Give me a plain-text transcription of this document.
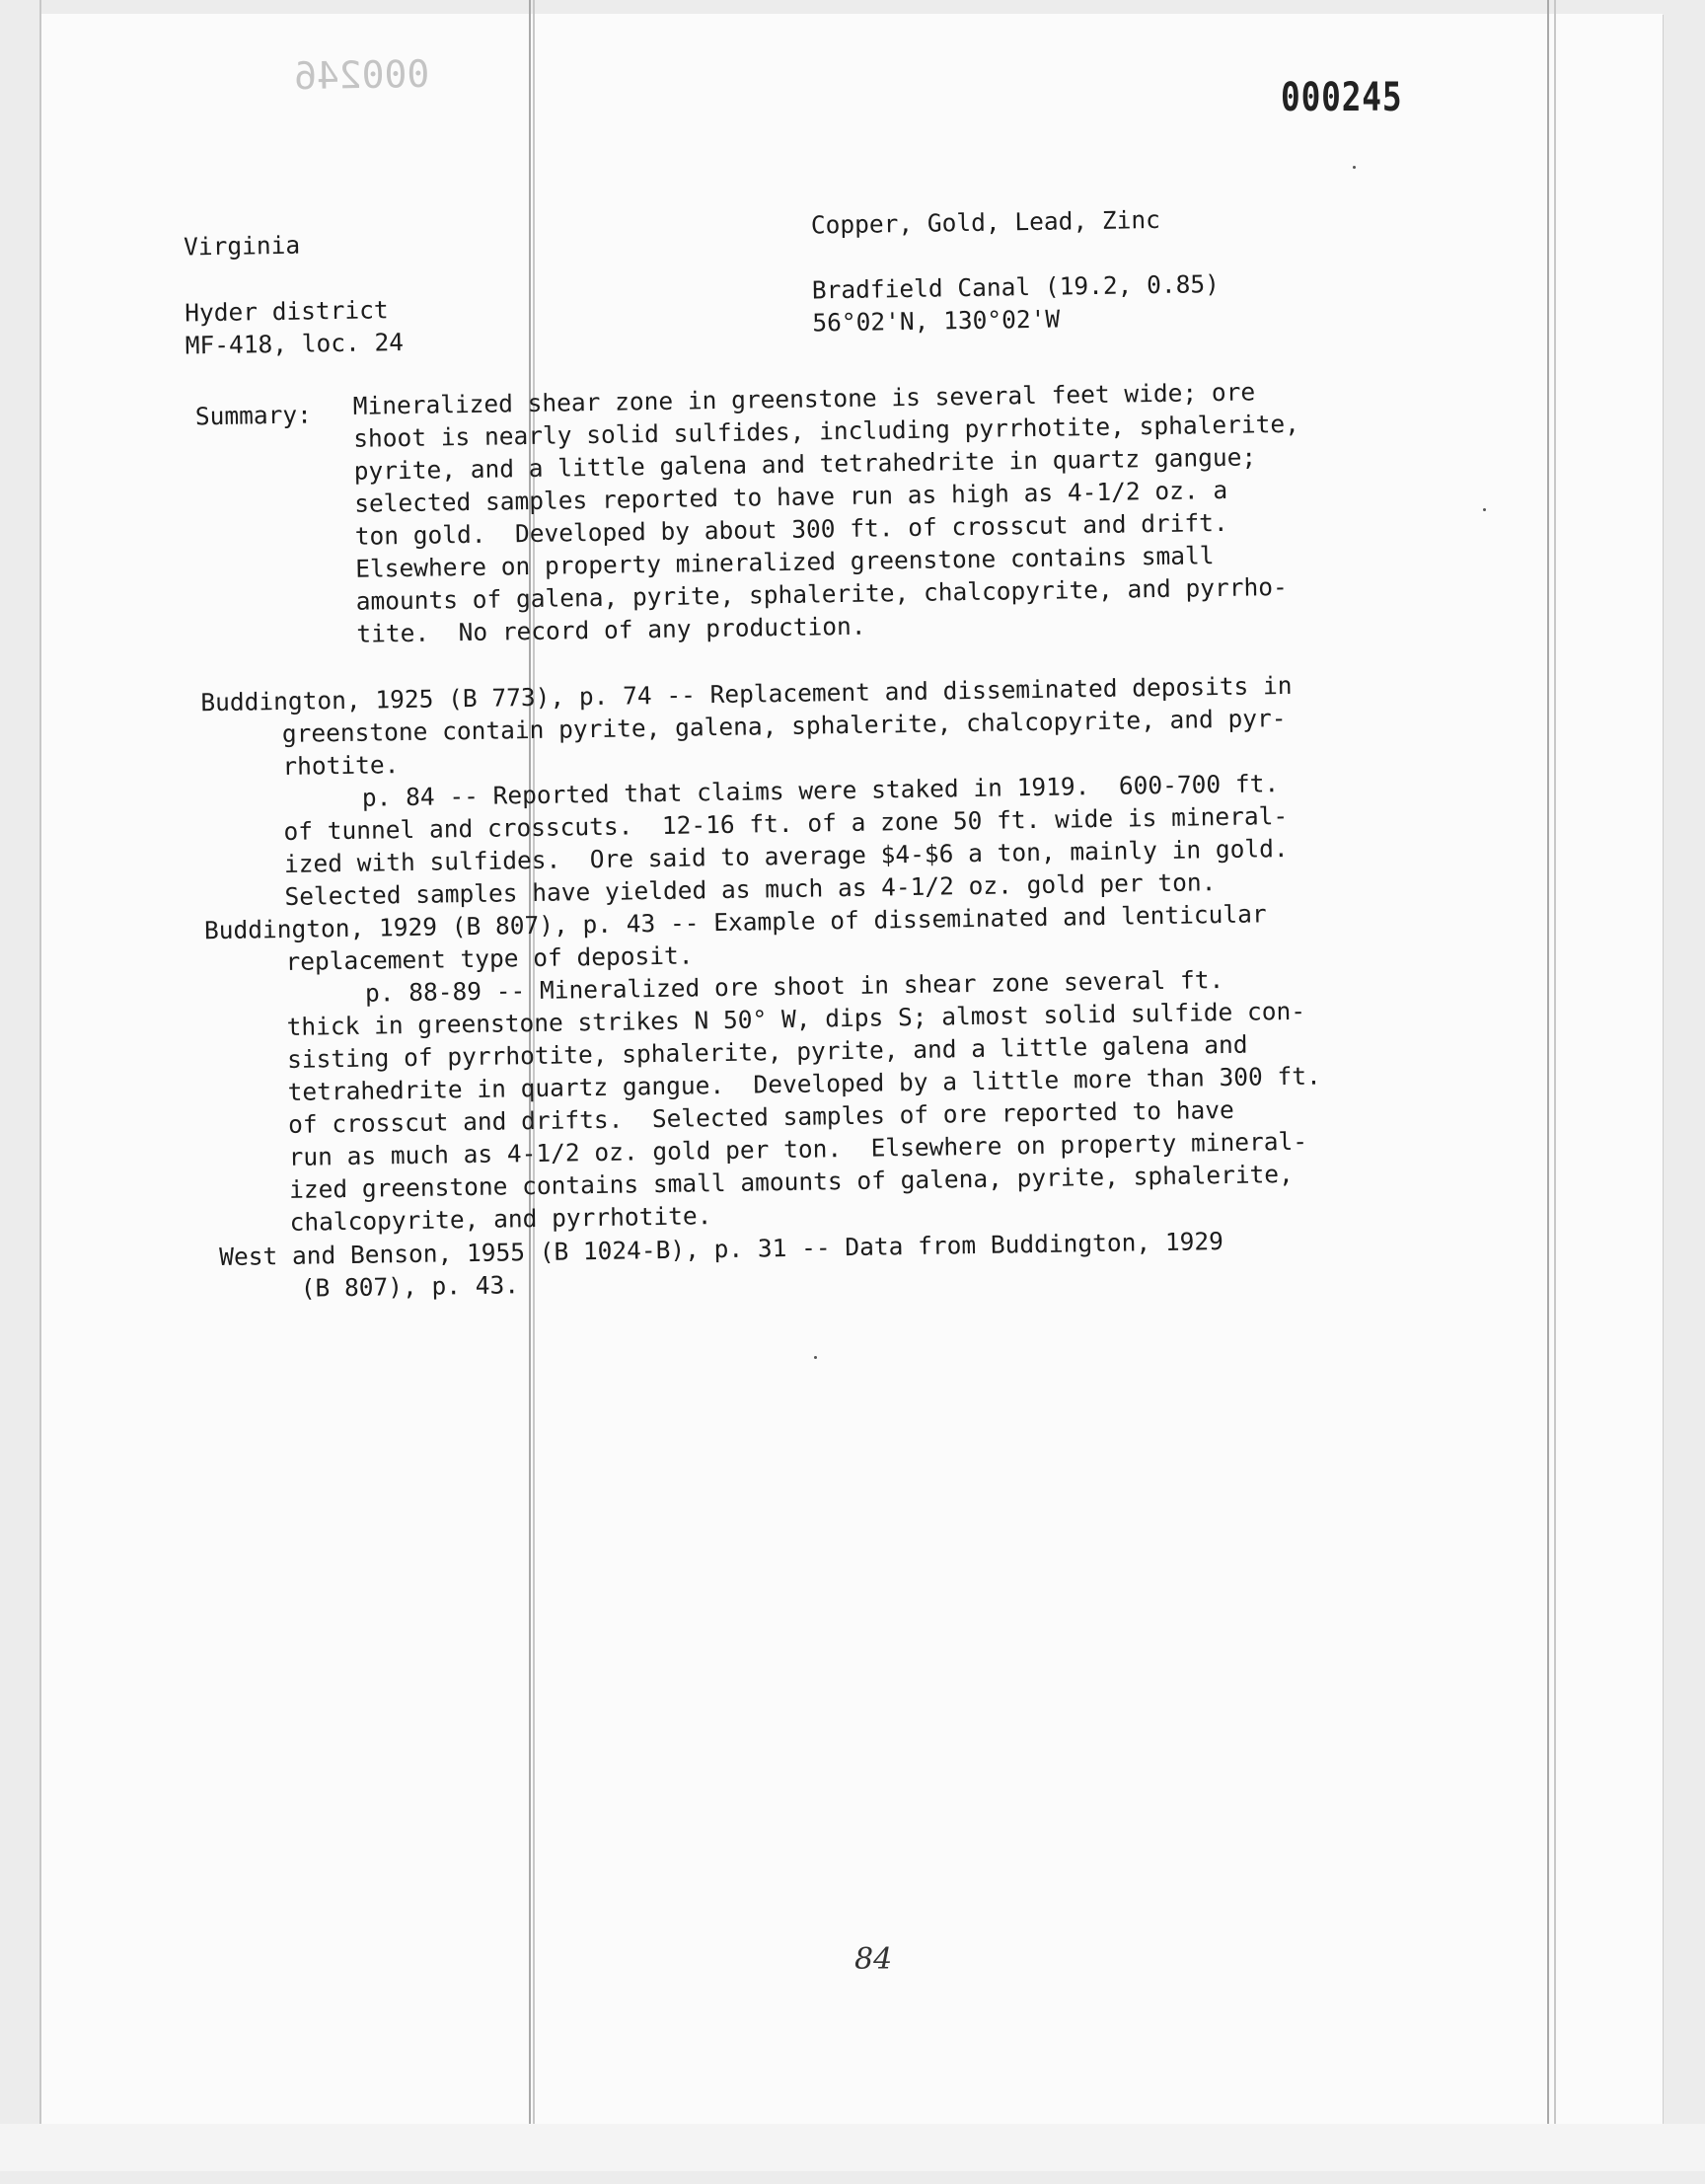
000246	000245
Virginia
Hyder district
MF-418, loc. 24
Copper, Gold, Lead, Zinc
Bradfield Canal (19.2, 0.85)
56°02'N, 130°02'W
Summary: Mineralized shear zone in greenstone is several feet wide; ore
shoot is nearly solid sulfides, including pyrrhotite, sphalerite,
pyrite, and a little galena and tetrahedrite in quartz gangue;
selected samples reported to have run as high as 4-1/2 oz. a
ton gold.  Developed by about 300 ft. of crosscut and drift.
Elsewhere on property mineralized greenstone contains small
amounts of galena, pyrite, sphalerite, chalcopyrite, and pyrrho-
tite.  No record of any production.
Buddington, 1925 (B 773), p. 74 -- Replacement and disseminated deposits in
greenstone contain pyrite, galena, sphalerite, chalcopyrite, and pyr-
rhotite.
p. 84 -- Reported that claims were staked in 1919.  600-700 ft.
of tunnel and crosscuts.  12-16 ft. of a zone 50 ft. wide is mineral-
ized with sulfides.  Ore said to average $4-$6 a ton, mainly in gold.
Selected samples have yielded as much as 4-1/2 oz. gold per ton.
Buddington, 1929 (B 807), p. 43 -- Example of disseminated and lenticular
replacement type of deposit.
p. 88-89 -- Mineralized ore shoot in shear zone several ft.
thick in greenstone strikes N 50° W, dips S; almost solid sulfide con-
sisting of pyrrhotite, sphalerite, pyrite, and a little galena and
tetrahedrite in quartz gangue.  Developed by a little more than 300 ft.
of crosscut and drifts.  Selected samples of ore reported to have
run as much as 4-1/2 oz. gold per ton.  Elsewhere on property mineral-
ized greenstone contains small amounts of galena, pyrite, sphalerite,
chalcopyrite, and pyrrhotite.
West and Benson, 1955 (B 1024-B), p. 31 -- Data from Buddington, 1929
(B 807), p. 43.
84
